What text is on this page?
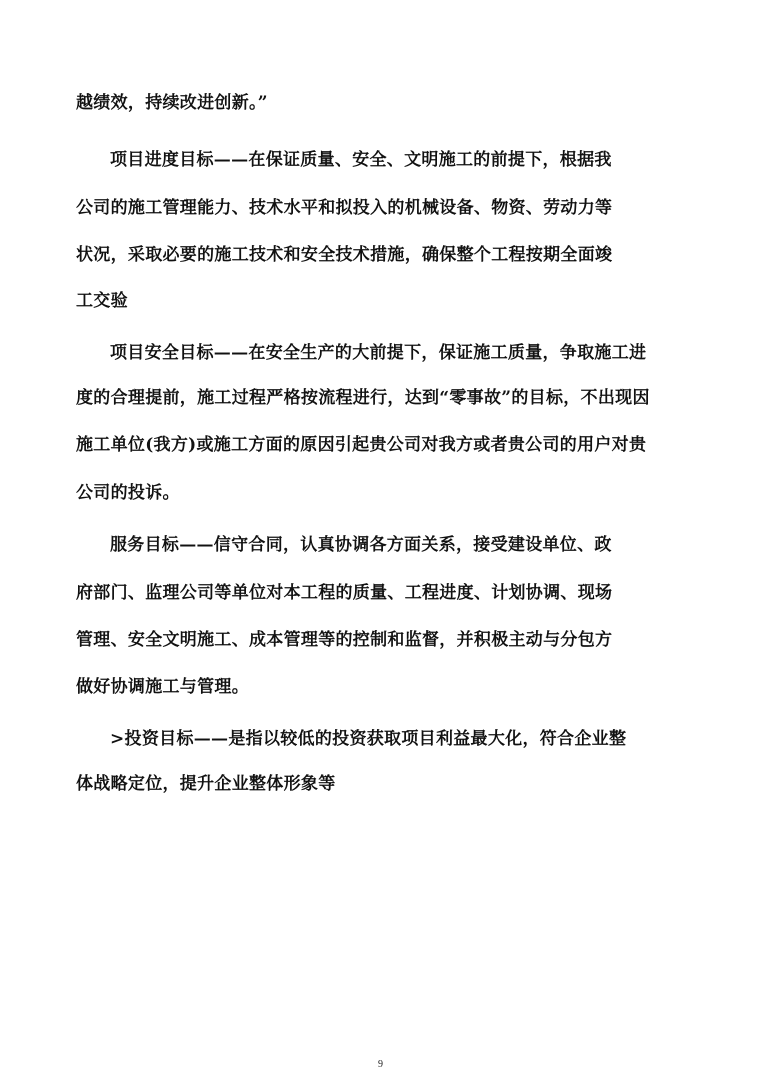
越绩效，持续改进创新。”
项目进度目标——在保证质量、安全、文明施工的前提下，根据我
公司的施工管理能力、技术水平和拟投入的机械设备、物资、劳动力等
状况，采取必要的施工技术和安全技术措施，确保整个工程按期全面竣
工交验
项目安全目标——在安全生产的大前提下，保证施工质量，争取施工进
度的合理提前，施工过程严格按流程进行，达到“零事故”的目标，不出现因
施工单位(我方)或施工方面的原因引起贵公司对我方或者贵公司的用户对贵
公司的投诉。
服务目标——信守合同，认真协调各方面关系，接受建设单位、政
府部门、监理公司等单位对本工程的质量、工程进度、计划协调、现场
管理、安全文明施工、成本管理等的控制和监督，并积极主动与分包方
做好协调施工与管理。
>投资目标——是指以较低的投资获取项目利益最大化，符合企业整
体战略定位，提升企业整体形象等
9
